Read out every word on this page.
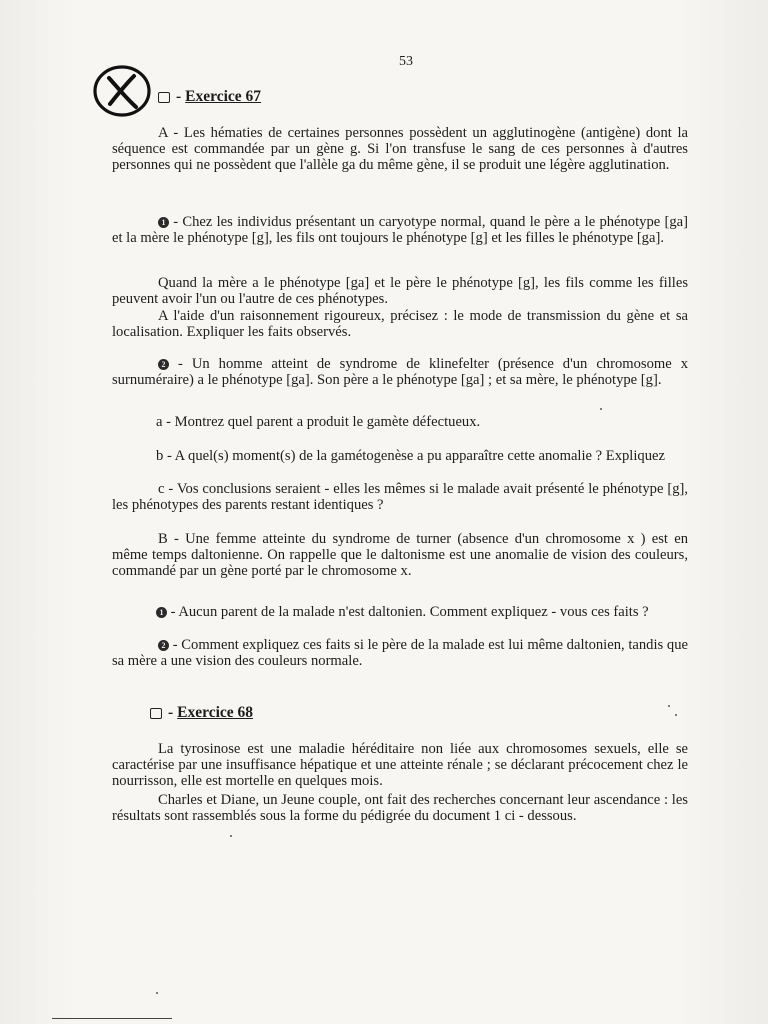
53
- Exercice 67
A - Les hématies de certaines personnes possèdent un agglutinogène (antigène) dont la séquence est commandée par un gène g. Si l'on transfuse le sang de ces personnes à d'autres personnes qui ne possèdent que l'allèle ga du même gène, il se produit une légère agglutination.
1 - Chez les individus présentant un caryotype normal, quand le père a le phénotype [ga] et la mère le phénotype [g], les fils ont toujours le phénotype [g] et les filles le phénotype [ga].
Quand la mère a le phénotype [ga] et le père le phénotype [g], les fils comme les filles peuvent avoir l'un ou l'autre de ces phénotypes.
A l'aide d'un raisonnement rigoureux, précisez : le mode de transmission du gène et sa localisation. Expliquer les faits observés.
2 - Un homme atteint de syndrome de klinefelter (présence d'un chromosome x surnuméraire) a le phénotype [ga]. Son père a le phénotype [ga] ; et sa mère, le phénotype [g].
a - Montrez quel parent a produit le gamète défectueux.
b - A quel(s) moment(s) de la gamétogenèse a pu apparaître cette anomalie ? Expliquez
c - Vos conclusions seraient - elles les mêmes si le malade avait présenté le phénotype [g], les phénotypes des parents restant identiques ?
B - Une femme atteinte du syndrome de turner (absence d'un chromosome x ) est en même temps daltonienne. On rappelle que le daltonisme est une anomalie de vision des couleurs, commandé par un gène porté par le chromosome x.
1 - Aucun parent de la malade n'est daltonien. Comment expliquez - vous ces faits ?
2 - Comment expliquez ces faits si le père de la malade est lui même daltonien, tandis que sa mère a une vision des couleurs normale.
- Exercice 68
La tyrosinose est une maladie héréditaire non liée aux chromosomes sexuels, elle se caractérise par une insuffisance hépatique et une atteinte rénale ; se déclarant précocement chez le nourrisson, elle est mortelle en quelques mois.
Charles et Diane, un Jeune couple, ont fait des recherches concernant leur ascendance : les résultats sont rassemblés sous la forme du pédigrée du document 1 ci - dessous.
